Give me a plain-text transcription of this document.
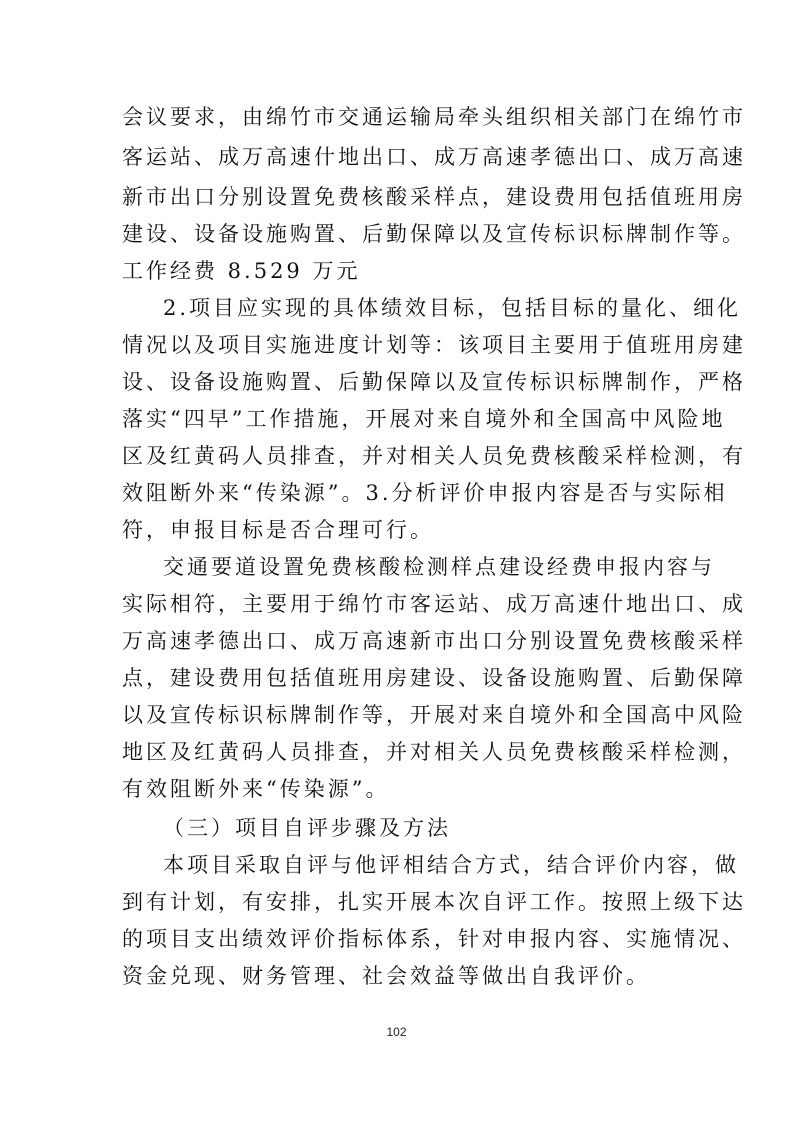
会议要求，由绵竹市交通运输局牵头组织相关部门在绵竹市
客运站、成万高速什地出口、成万高速孝德出口、成万高速
新市出口分别设置免费核酸采样点，建设费用包括值班用房
建设、设备设施购置、后勤保障以及宣传标识标牌制作等。
工作经费 8.529 万元
2.项目应实现的具体绩效目标，包括目标的量化、细化
情况以及项目实施进度计划等：该项目主要用于值班用房建
设、设备设施购置、后勤保障以及宣传标识标牌制作，严格
落实“四早”工作措施，开展对来自境外和全国高中风险地
区及红黄码人员排查，并对相关人员免费核酸采样检测，有
效阻断外来“传染源”。3.分析评价申报内容是否与实际相
符，申报目标是否合理可行。
交通要道设置免费核酸检测样点建设经费申报内容与
实际相符，主要用于绵竹市客运站、成万高速什地出口、成
万高速孝德出口、成万高速新市出口分别设置免费核酸采样
点，建设费用包括值班用房建设、设备设施购置、后勤保障
以及宣传标识标牌制作等，开展对来自境外和全国高中风险
地区及红黄码人员排查，并对相关人员免费核酸采样检测，
有效阻断外来“传染源”。
（三）项目自评步骤及方法
本项目采取自评与他评相结合方式，结合评价内容，做
到有计划，有安排，扎实开展本次自评工作。按照上级下达
的项目支出绩效评价指标体系，针对申报内容、实施情况、
资金兑现、财务管理、社会效益等做出自我评价。
102
